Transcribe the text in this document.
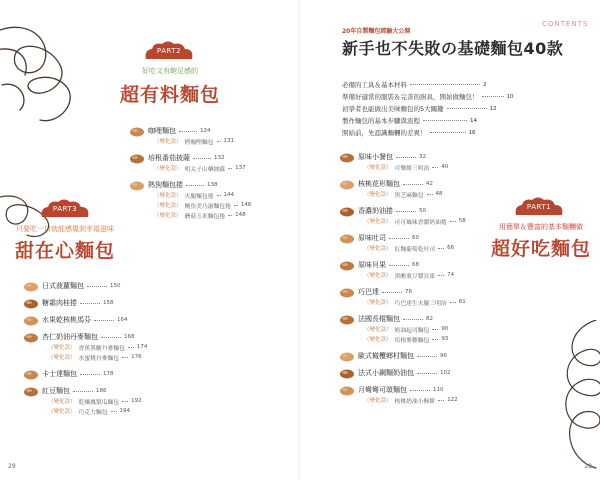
PART2
好吃又有飽足感的
超有料麵包
咖哩麵包	124
（變化款） 烤咖哩麵包 131
培根番茄披薩	132
（變化款） 明太子山藥披薩 137
熱狗麵包捲	138
（變化款） 火腿麵包捲 144
（變化款） 鮪魚美乃滋麵包捲 146
（變化款） 蘑菇玉米麵包捲 148
PART3
只要吃一口就能感覺到幸福滋味
甜在心麵包
日式菠蘿麵包	150
糖霜肉桂捲	158
水果乾核桃馬芬	164
杏仁奶油丹麥麵包	168
（變化款） 香蕉黑糖丹麥麵包 174
（變化款） 水蜜桃丹麥麵包 176
卡士達麵包	178
紅豆麵包	186
（變化款） 乾燥鳳梨瓜麵包 192
（變化款） 巧克力麵包 194
29
CONTENTS
20年自製麵包經驗大公開
新手也不失敗の基礎麵包40款
必備的工具＆基本材料	2
準備好適當的服裝＆完善的廚具，開始做麵包！	10
初學者也能做出美味麵包的5大關鍵	12
製作麵包的基本步驟與流程	14
開始前，先認識麵糰的差異！	16
PART1
用簡單＆豐富的基本麵糰做
超好吃麵包
原味小餐包	32
（變化款） 可樂餅三明治 40
核桃花形麵包	42
（變化款） 黑芝麻麵包 48
香濃奶油捲	50
（變化款） 可可風味香濃奶油捲 58
原味吐司	60
（變化款） 紅麴葡萄乾吐司 66
原味貝果	68
（變化款） 黑醋栗豆漿貝果 74
巧巴達	76
（變化款） 巧巴達生火腿三明治 81
法國長棍麵包	82
（變化款） 奶油起司麵包 90
（變化款） 培根麥穗麵包 93
歐式橄欖鄉村麵包	96
法式小鋼麵奶油包	102
月彎彎可頌麵包	110
（變化款） 核桃奶油小酥餅 122
28
